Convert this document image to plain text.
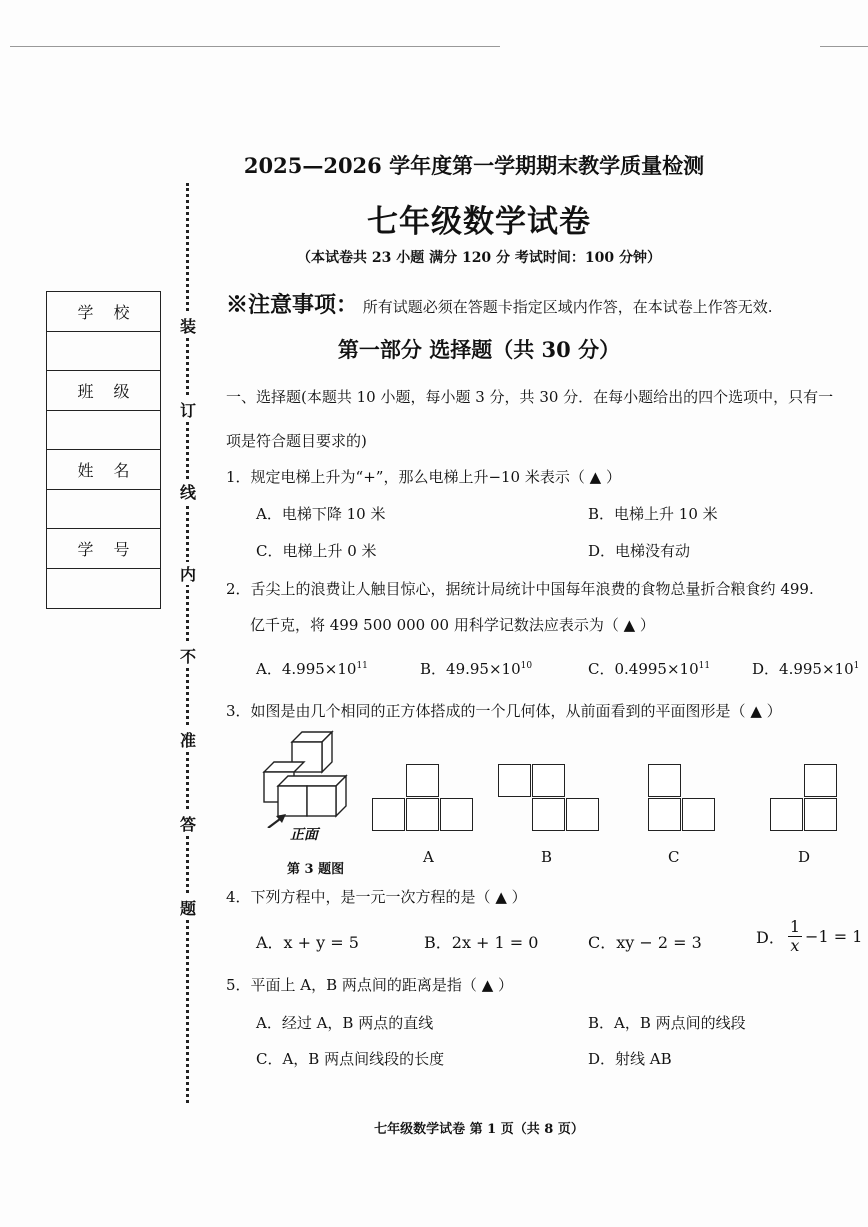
学校
班级
姓名
学号
装
订
线
内
不
准
答
题
2025—2026 学年度第一学期期末教学质量检测
七年级数学试卷
（本试卷共 23 小题 满分 120 分 考试时间：100 分钟）
※注意事项： 所有试题必须在答题卡指定区域内作答，在本试卷上作答无效.
第一部分 选择题（共 30 分）
一、选择题(本题共 10 小题，每小题 3 分，共 30 分．在每小题给出的四个选项中，只有一
项是符合题目要求的)
1．规定电梯上升为“+”，那么电梯上升−10 米表示（ ▲ ）
A．电梯下降 10 米	B．电梯上升 10 米
C．电梯上升 0 米	D．电梯没有动
2．舌尖上的浪费让人触目惊心，据统计局统计中国每年浪费的食物总量折合粮食约 499.
亿千克，将 499 500 000 00 用科学记数法应表示为（ ▲ ）
A．$4.995\times 10^{11}$	B．$49.95\times 10^{10}$	C．$0.4995\times 10^{11}$	D．$4.995\times 10^1$
3．如图是由几个相同的正方体搭成的一个几何体，从前面看到的平面图形是（ ▲ ）
正面
第 3 题图
A	B	C	D
4．下列方程中，是一元一次方程的是（ ▲ ）
A．x + y = 5	B．2x + 1 = 0	C．xy − 2 = 3	D． $\frac{1}{x} -1 = 1$
5．平面上 A，B 两点间的距离是指（ ▲ ）
A．经过 A，B 两点的直线	B．A，B 两点间的线段
C．A，B 两点间线段的长度	D．射线 AB
七年级数学试卷 第 1 页（共 8 页）
